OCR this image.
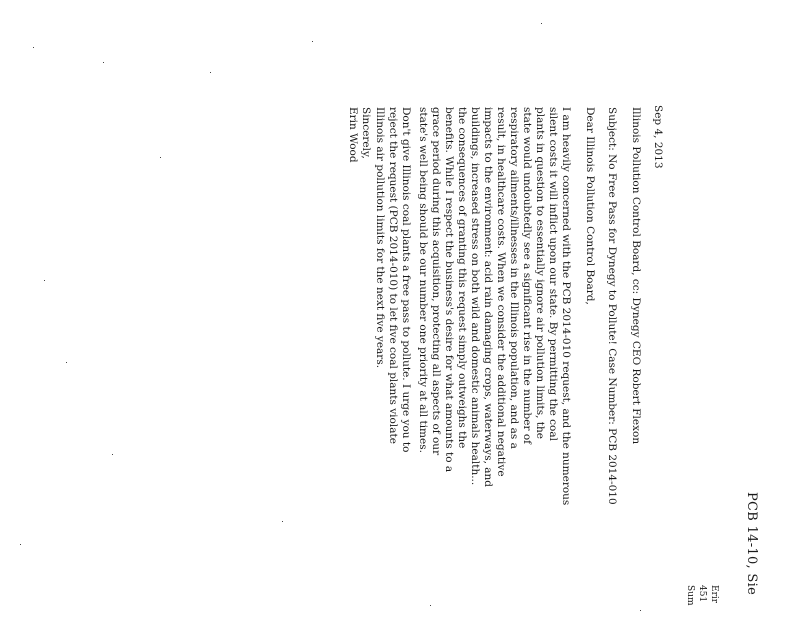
PCB 14-10, Sie
Erir
451
Sum
Sep 4, 2013
Illinois Pollution Control Board, cc: Dynegy CEO Robert Flexon
Subject: No Free Pass for Dynegy to Pollute! Case Number: PCB 2014-010
Dear Illinois Pollution Control Board,
I am heavily concerned with the PCB 2014-010 request, and the numerous
silent costs it will inflict upon our state. By permitting the coal
plants in question to essentially ignore air pollution limits, the
state would undoubtedly see a significant rise in the number of
respiratory ailments/illnesses in the Illinois population, and as a
result, in healthcare costs. When we consider the additional negative
impacts to the environment: acid rain damaging crops, waterways, and
buildings, increased stress on both wild and domestic animals health...
the consequences of granting this request simply outweighs the
benefits. While I respect the business's desire for what amounts to a
grace period during this acquisition, protecting all aspects of our
state's well being should be our number one priority at all times.
Don't give Illinois coal plants a free pass to pollute. I urge you to
reject the request (PCB 2014-010) to let five coal plants violate
Illinois air pollution limits for the next five years.
Sincerely,
Erin Wood
